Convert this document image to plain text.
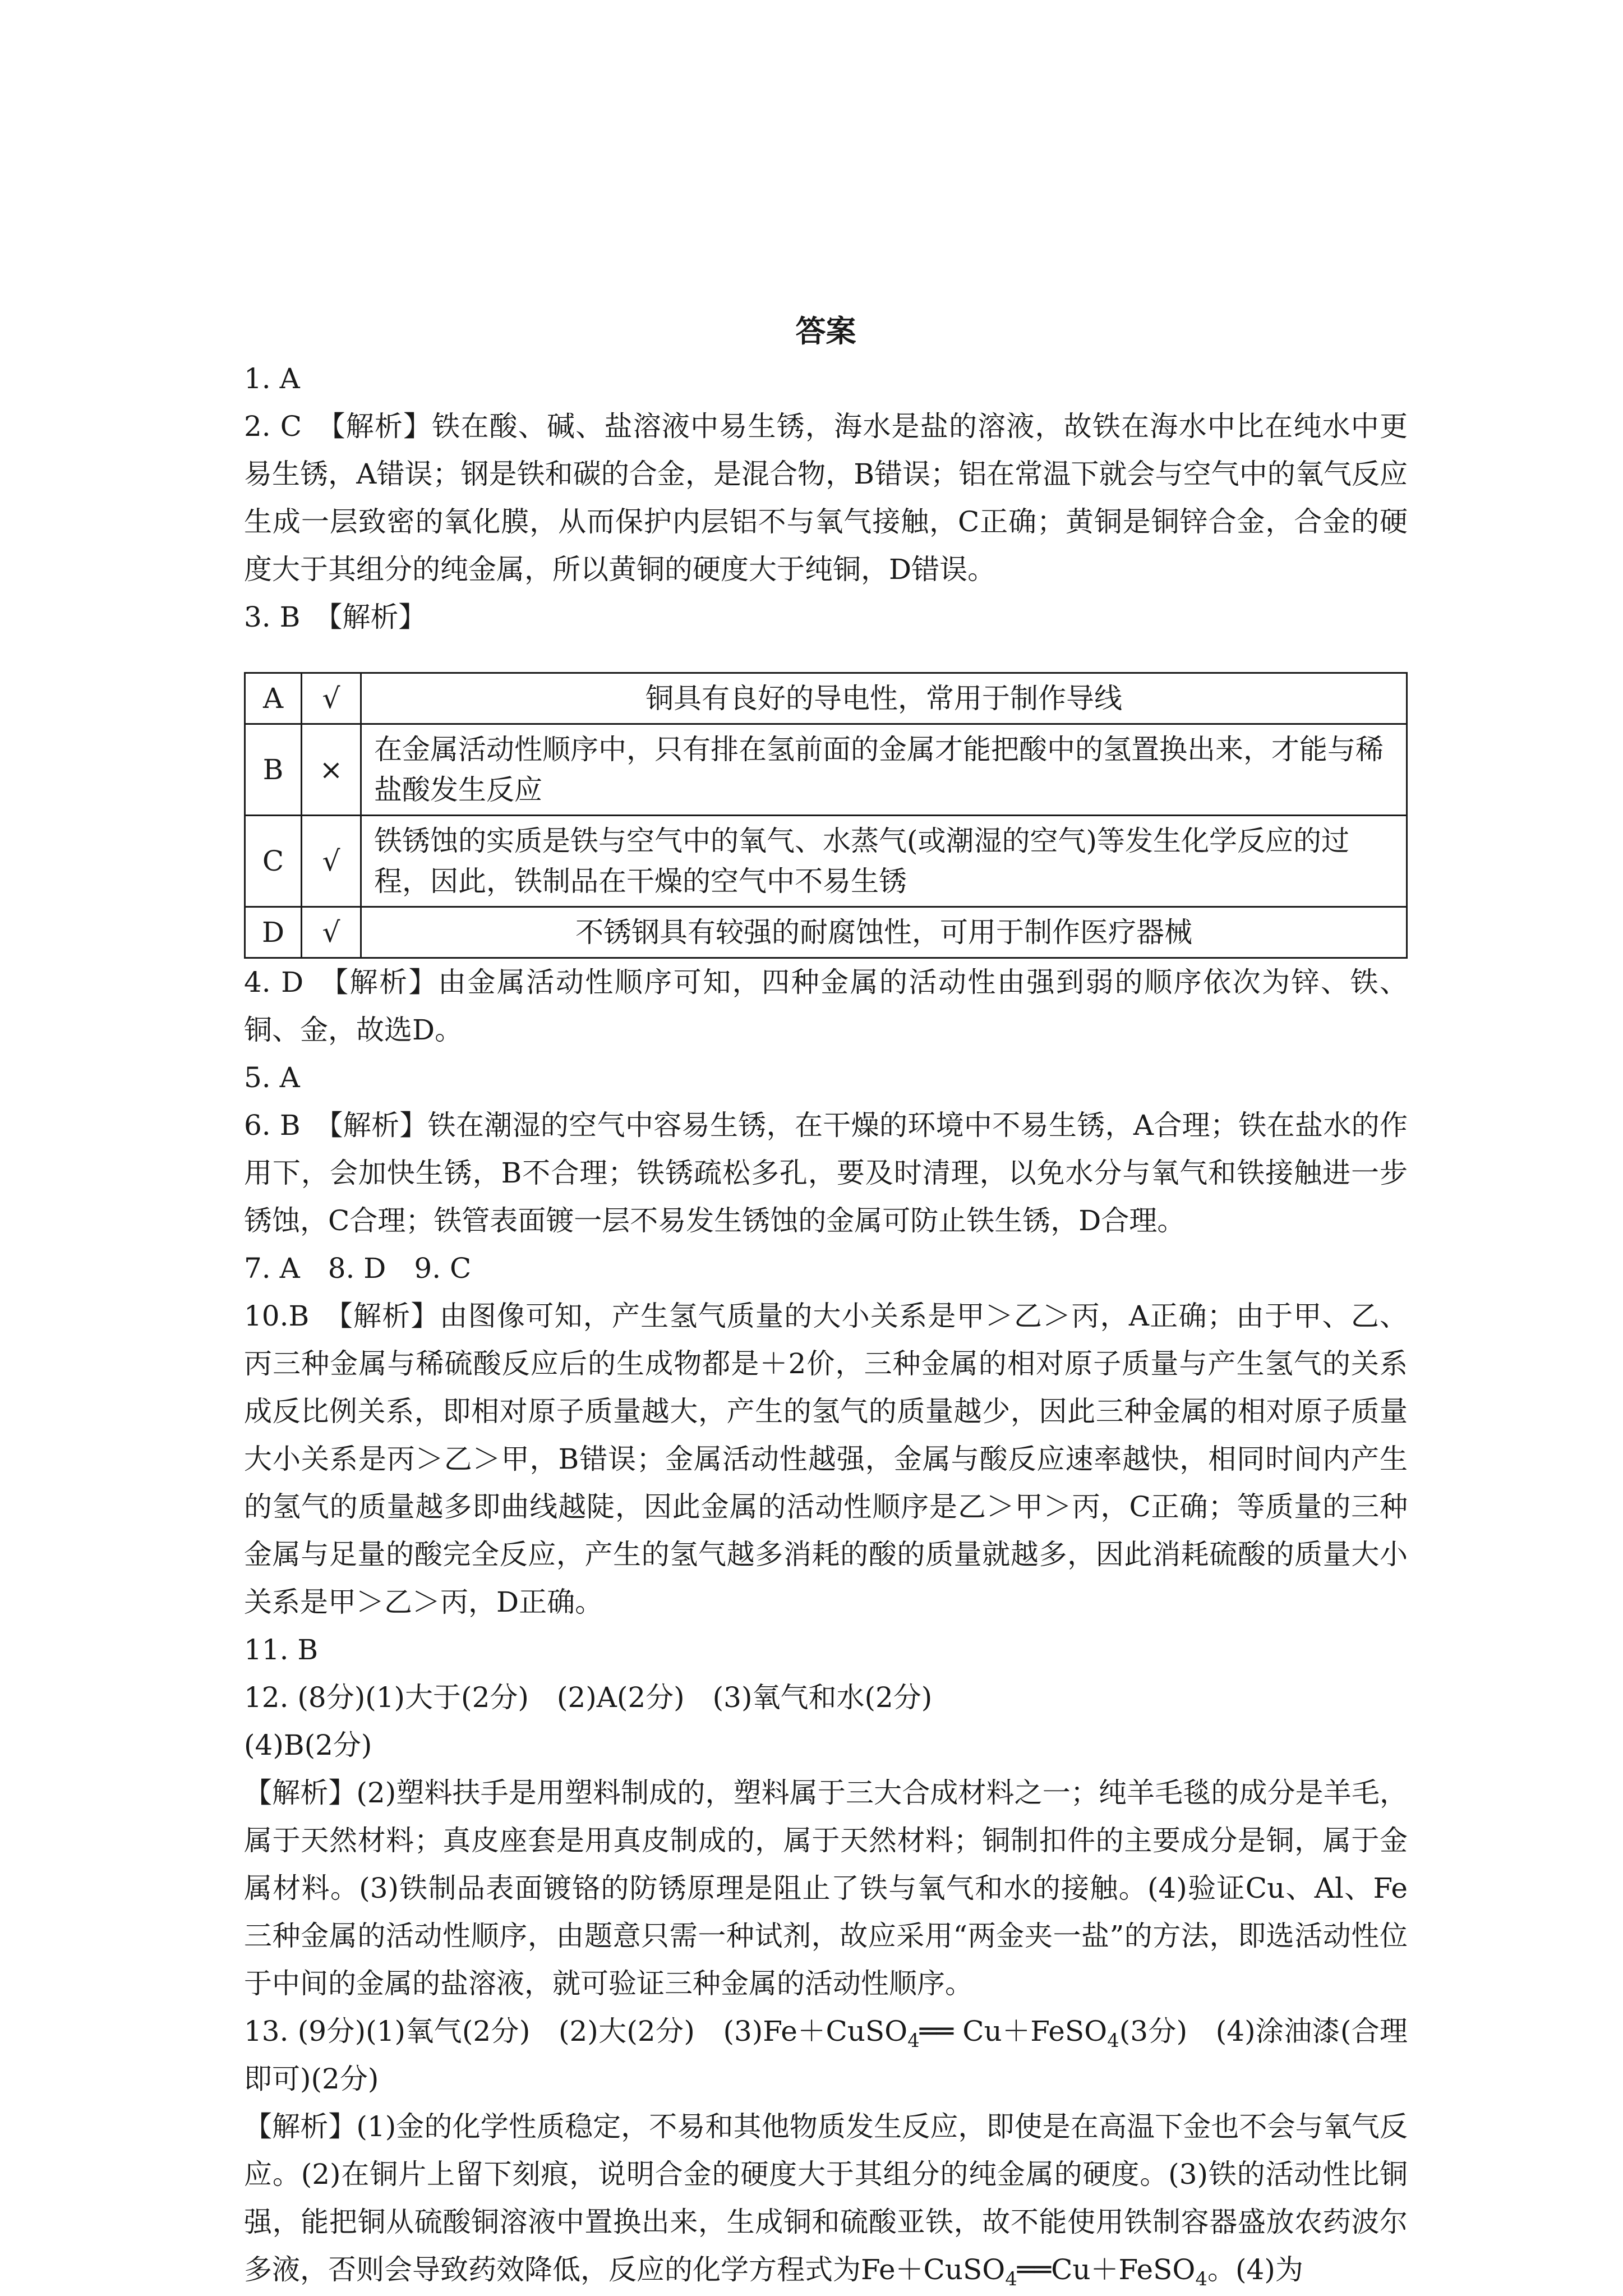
答案

1. A

2. C　【解析】铁在酸、碱、盐溶液中易生锈，海水是盐的溶液，故铁在海水中比在纯水中更易生锈，A错误；钢是铁和碳的合金，是混合物，B错误；铝在常温下就会与空气中的氧气反应生成一层致密的氧化膜，从而保护内层铝不与氧气接触，C正确；黄铜是铜锌合金，合金的硬度大于其组分的纯金属，所以黄铜的硬度大于纯铜，D错误。

3. B　【解析】

A	√	铜具有良好的导电性，常用于制作导线
B	×	在金属活动性顺序中，只有排在氢前面的金属才能把酸中的氢置换出来，才能与稀盐酸发生反应
C	√	铁锈蚀的实质是铁与空气中的氧气、水蒸气(或潮湿的空气)等发生化学反应的过程，因此，铁制品在干燥的空气中不易生锈
D	√	不锈钢具有较强的耐腐蚀性，可用于制作医疗器械

4. D　【解析】由金属活动性顺序可知，四种金属的活动性由强到弱的顺序依次为锌、铁、铜、金，故选D。

5. A

6. B　【解析】铁在潮湿的空气中容易生锈，在干燥的环境中不易生锈，A合理；铁在盐水的作用下，会加快生锈，B不合理；铁锈疏松多孔，要及时清理，以免水分与氧气和铁接触进一步锈蚀，C合理；铁管表面镀一层不易发生锈蚀的金属可防止铁生锈，D合理。

7. A　8. D　9. C

10.B　【解析】由图像可知，产生氢气质量的大小关系是甲＞乙＞丙，A正确；由于甲、乙、丙三种金属与稀硫酸反应后的生成物都是＋2价，三种金属的相对原子质量与产生氢气的关系成反比例关系，即相对原子质量越大，产生的氢气的质量越少，因此三种金属的相对原子质量大小关系是丙＞乙＞甲，B错误；金属活动性越强，金属与酸反应速率越快，相同时间内产生的氢气的质量越多即曲线越陡，因此金属的活动性顺序是乙＞甲＞丙，C正确；等质量的三种金属与足量的酸完全反应，产生的氢气越多消耗的酸的质量就越多，因此消耗硫酸的质量大小关系是甲＞乙＞丙，D正确。

11. B

12. (8分)(1)大于(2分)　(2)A(2分)　(3)氧气和水(2分)

(4)B(2分)

【解析】(2)塑料扶手是用塑料制成的，塑料属于三大合成材料之一；纯羊毛毯的成分是羊毛，属于天然材料；真皮座套是用真皮制成的，属于天然材料；铜制扣件的主要成分是铜，属于金属材料。(3)铁制品表面镀铬的防锈原理是阻止了铁与氧气和水的接触。(4)验证Cu、Al、Fe三种金属的活动性顺序，由题意只需一种试剂，故应采用“两金夹一盐”的方法，即选活动性位于中间的金属的盐溶液，就可验证三种金属的活动性顺序。

13. (9分)(1)氧气(2分)　(2)大(2分)　(3)Fe＋CuSO$_4$══ Cu＋FeSO$_4$(3分)　(4)涂油漆(合理即可)(2分)

【解析】(1)金的化学性质稳定，不易和其他物质发生反应，即使是在高温下金也不会与氧气反应。(2)在铜片上留下刻痕，说明合金的硬度大于其组分的纯金属的硬度。(3)铁的活动性比铜强，能把铜从硫酸铜溶液中置换出来，生成铜和硫酸亚铁，故不能使用铁制容器盛放农药波尔多液，否则会导致药效降低，反应的化学方程式为Fe＋CuSO$_4$══Cu＋FeSO$_4$。(4)为
